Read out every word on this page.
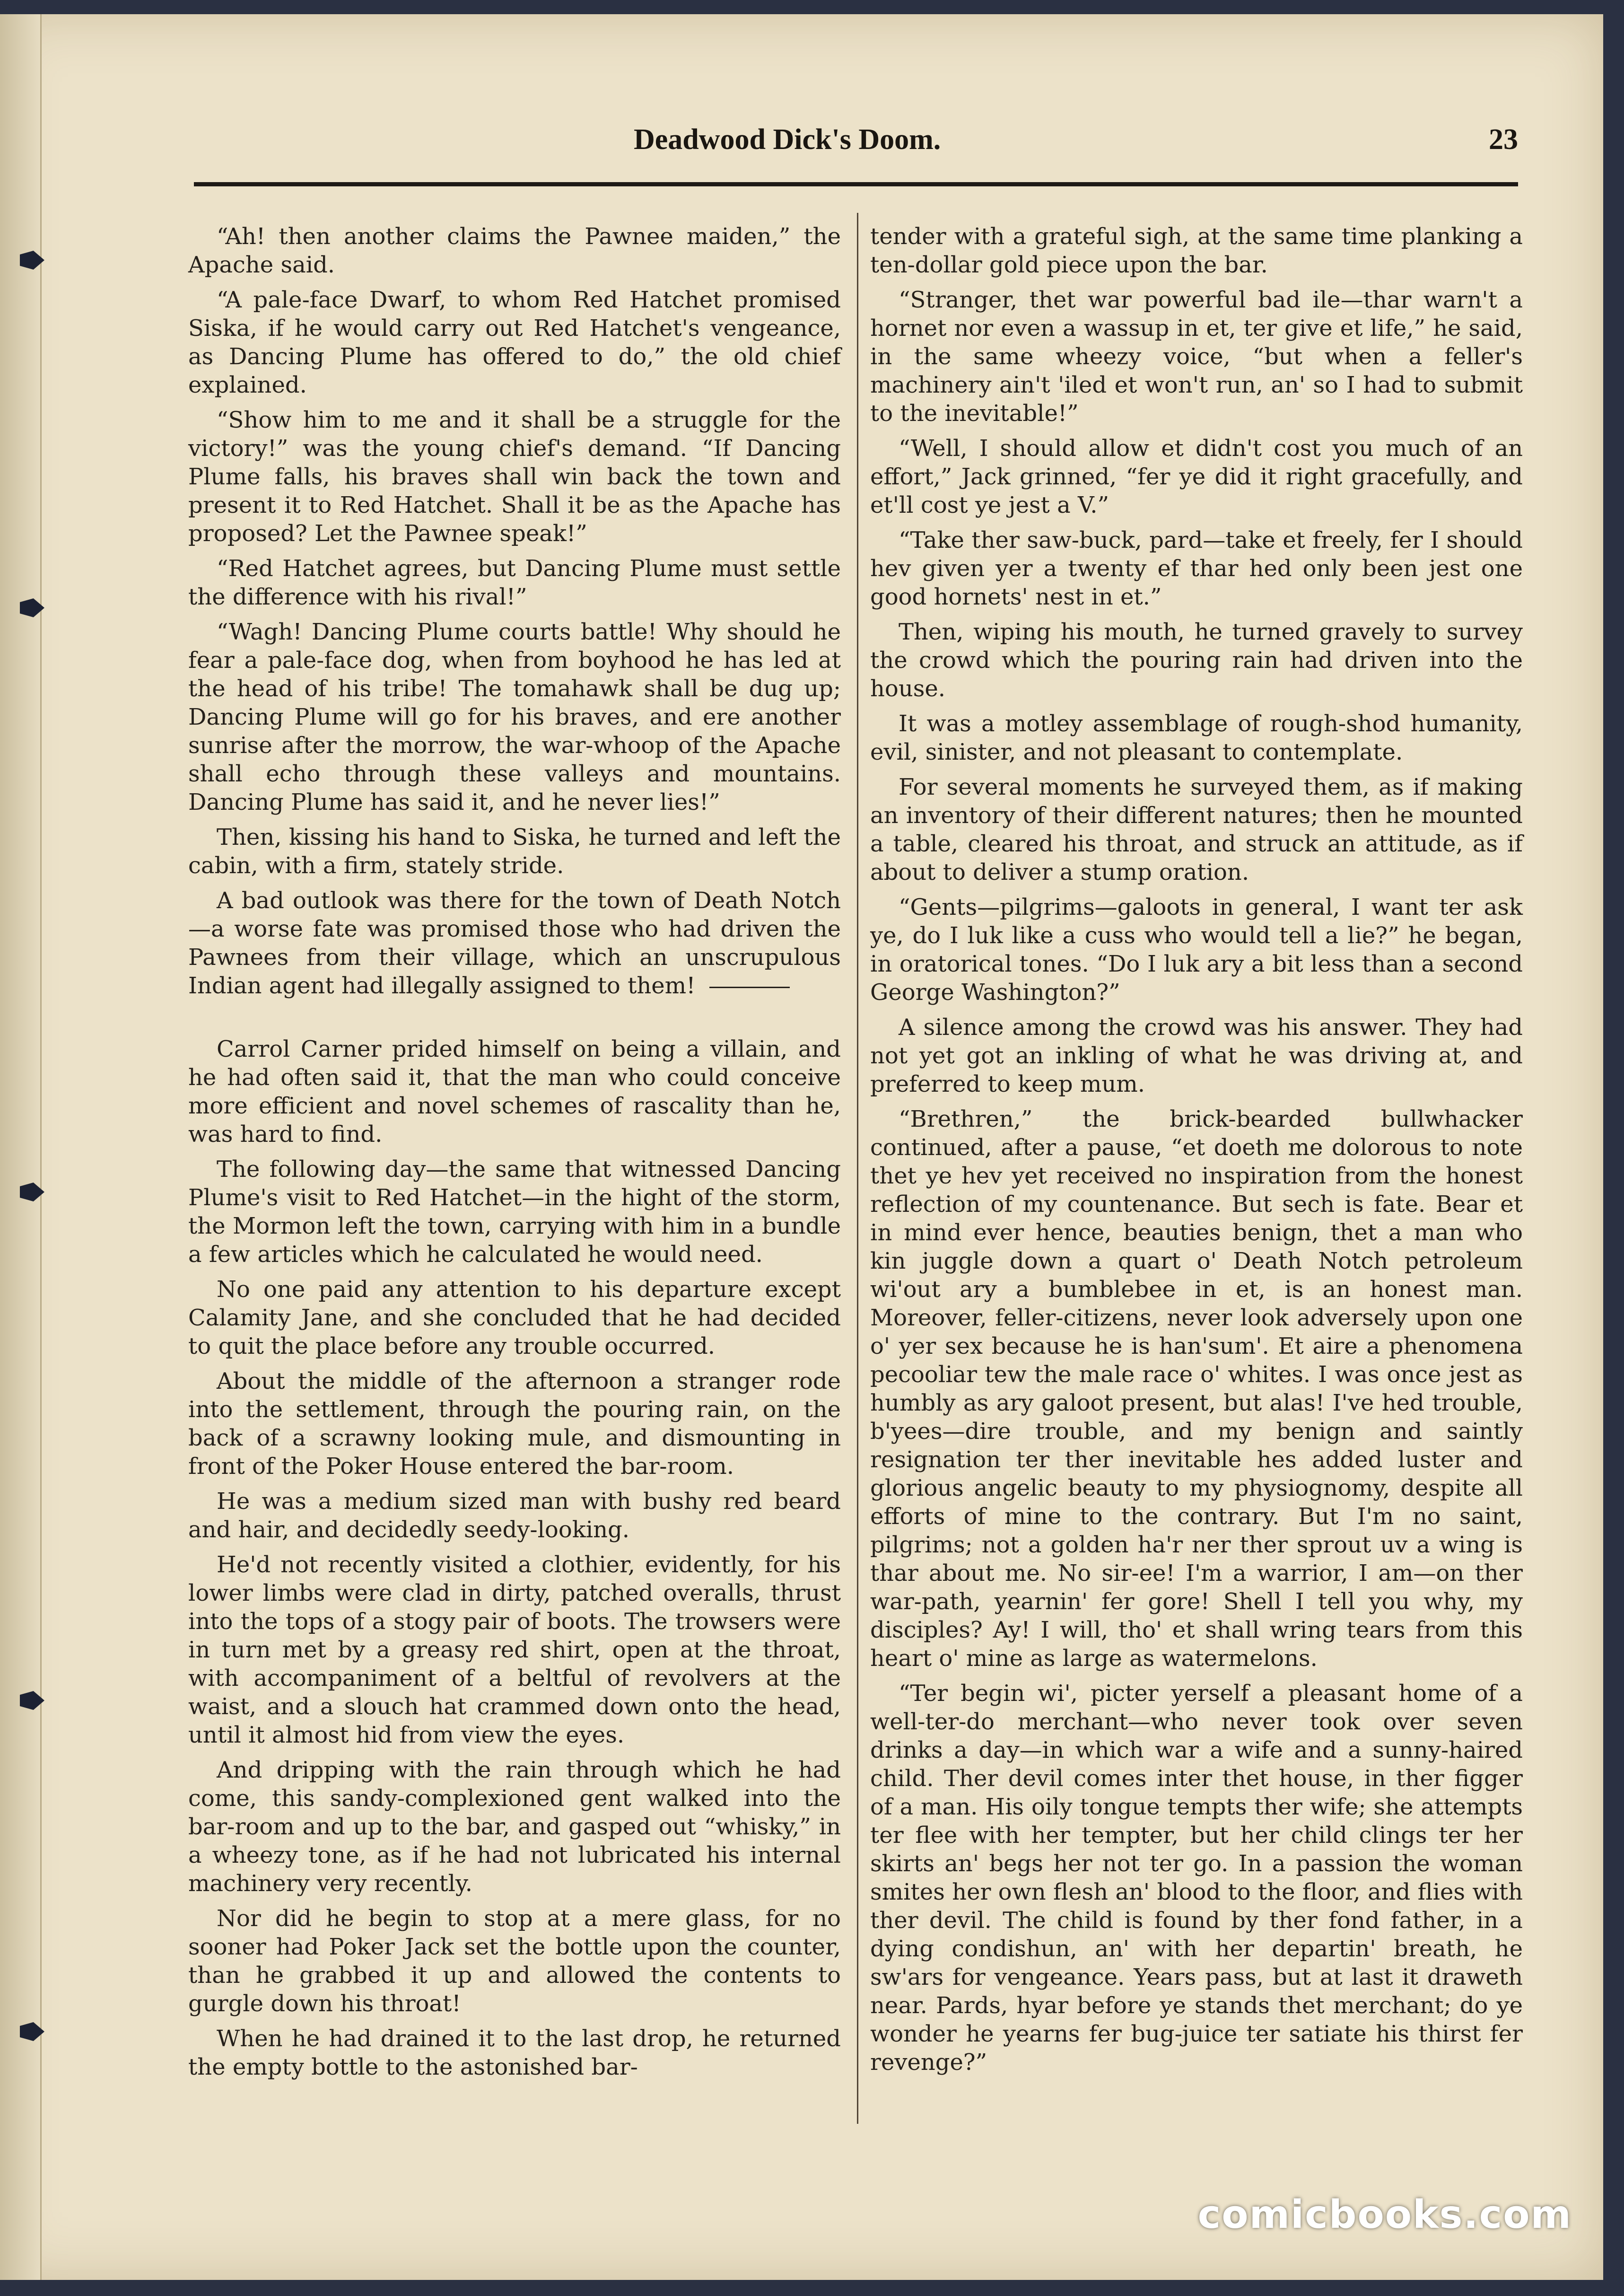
Deadwood Dick's Doom.	23

“Ah! then another claims the Pawnee maiden,” the Apache said.

“A pale-face Dwarf, to whom Red Hatchet promised Siska, if he would carry out Red Hatchet's vengeance, as Dancing Plume has offered to do,” the old chief explained.

“Show him to me and it shall be a struggle for the victory!” was the young chief's demand. “If Dancing Plume falls, his braves shall win back the town and present it to Red Hatchet. Shall it be as the Apache has proposed? Let the Pawnee speak!”

“Red Hatchet agrees, but Dancing Plume must settle the difference with his rival!”

“Wagh! Dancing Plume courts battle! Why should he fear a pale-face dog, when from boyhood he has led at the head of his tribe! The tomahawk shall be dug up; Dancing Plume will go for his braves, and ere another sunrise after the morrow, the war-whoop of the Apache shall echo through these valleys and mountains. Dancing Plume has said it, and he never lies!”

Then, kissing his hand to Siska, he turned and left the cabin, with a firm, stately stride.

A bad outlook was there for the town of Death Notch—a worse fate was promised those who had driven the Pawnees from their village, which an unscrupulous Indian agent had illegally assigned to them!

Carrol Carner prided himself on being a villain, and he had often said it, that the man who could conceive more efficient and novel schemes of rascality than he, was hard to find.

The following day—the same that witnessed Dancing Plume's visit to Red Hatchet—in the hight of the storm, the Mormon left the town, carrying with him in a bundle a few articles which he calculated he would need.

No one paid any attention to his departure except Calamity Jane, and she concluded that he had decided to quit the place before any trouble occurred.

About the middle of the afternoon a stranger rode into the settlement, through the pouring rain, on the back of a scrawny looking mule, and dismounting in front of the Poker House entered the bar-room.

He was a medium sized man with bushy red beard and hair, and decidedly seedy-looking.

He'd not recently visited a clothier, evidently, for his lower limbs were clad in dirty, patched overalls, thrust into the tops of a stogy pair of boots. The trowsers were in turn met by a greasy red shirt, open at the throat, with accompaniment of a beltful of revolvers at the waist, and a slouch hat crammed down onto the head, until it almost hid from view the eyes.

And dripping with the rain through which he had come, this sandy-complexioned gent walked into the bar-room and up to the bar, and gasped out “whisky,” in a wheezy tone, as if he had not lubricated his internal machinery very recently.

Nor did he begin to stop at a mere glass, for no sooner had Poker Jack set the bottle upon the counter, than he grabbed it up and allowed the contents to gurgle down his throat!

When he had drained it to the last drop, he returned the empty bottle to the astonished bar-

tender with a grateful sigh, at the same time planking a ten-dollar gold piece upon the bar.

“Stranger, thet war powerful bad ile—thar warn't a hornet nor even a wassup in et, ter give et life,” he said, in the same wheezy voice, “but when a feller's machinery ain't 'iled et won't run, an' so I had to submit to the inevitable!”

“Well, I should allow et didn't cost you much of an effort,” Jack grinned, “fer ye did it right gracefully, and et'll cost ye jest a V.”

“Take ther saw-buck, pard—take et freely, fer I should hev given yer a twenty ef thar hed only been jest one good hornets' nest in et.”

Then, wiping his mouth, he turned gravely to survey the crowd which the pouring rain had driven into the house.

It was a motley assemblage of rough-shod humanity, evil, sinister, and not pleasant to contemplate.

For several moments he surveyed them, as if making an inventory of their different natures; then he mounted a table, cleared his throat, and struck an attitude, as if about to deliver a stump oration.

“Gents—pilgrims—galoots in general, I want ter ask ye, do I luk like a cuss who would tell a lie?” he began, in oratorical tones. “Do I luk ary a bit less than a second George Washington?”

A silence among the crowd was his answer. They had not yet got an inkling of what he was driving at, and preferred to keep mum.

“Brethren,” the brick-bearded bullwhacker continued, after a pause, “et doeth me dolorous to note thet ye hev yet received no inspiration from the honest reflection of my countenance. But sech is fate. Bear et in mind ever hence, beauties benign, thet a man who kin juggle down a quart o' Death Notch petroleum wi'out ary a bumblebee in et, is an honest man. Moreover, feller-citizens, never look adversely upon one o' yer sex because he is han'sum'. Et aire a phenomena pecooliar tew the male race o' whites. I was once jest as humbly as ary galoot present, but alas! I've hed trouble, b'yees—dire trouble, and my benign and saintly resignation ter ther inevitable hes added luster and glorious angelic beauty to my physiognomy, despite all efforts of mine to the contrary. But I'm no saint, pilgrims; not a golden ha'r ner ther sprout uv a wing is thar about me. No sir-ee! I'm a warrior, I am—on ther war-path, yearnin' fer gore! Shell I tell you why, my disciples? Ay! I will, tho' et shall wring tears from this heart o' mine as large as watermelons.

“Ter begin wi', picter yerself a pleasant home of a well-ter-do merchant—who never took over seven drinks a day—in which war a wife and a sunny-haired child. Ther devil comes inter thet house, in ther figger of a man. His oily tongue tempts ther wife; she attempts ter flee with her tempter, but her child clings ter her skirts an' begs her not ter go. In a passion the woman smites her own flesh an' blood to the floor, and flies with ther devil. The child is found by ther fond father, in a dying condishun, an' with her departin' breath, he sw'ars for vengeance. Years pass, but at last it draweth near. Pards, hyar before ye stands thet merchant; do ye wonder he yearns fer bug-juice ter satiate his thirst fer revenge?”

comicbooks.com
